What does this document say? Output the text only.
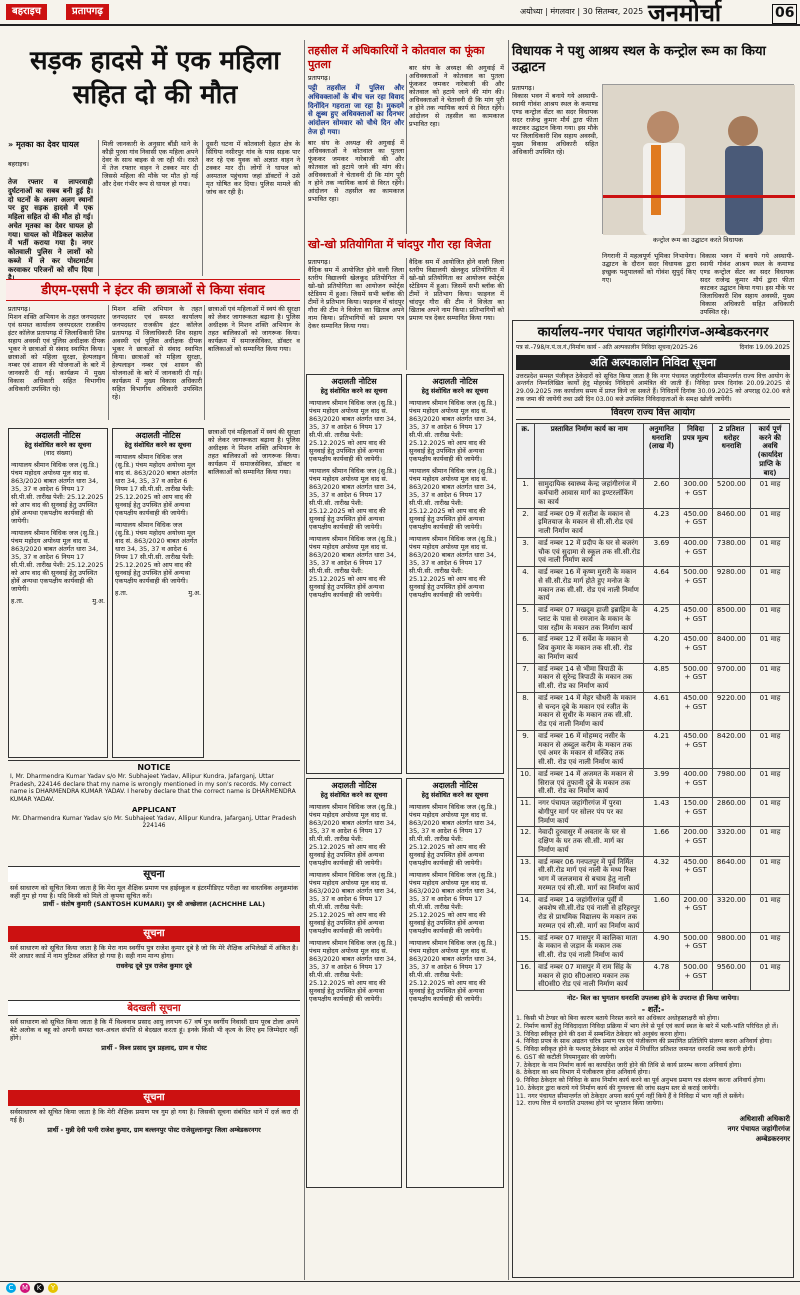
बहराइच	प्रतापगढ़	अयोध्या | मंगलवार | 30 सितम्बर, 2025 जनमोर्चा	06
सड़क हादसे में एक महिला
सहित दो की मौत
» मृतका का देवर घायल
बहराइच।
तेज रफ्तार व लापरवाही दुर्घटनाओं का सबब बनी हुई है। दो घटनों के अलग अलग स्थानों पर हुए सड़क हादसे में एक महिला सहित दो की मौत हो गई। अचेत मृतका का देवर घायल हो गया। घायल को मेडिकल कालेज में भर्ती कराया गया है। नगर कोतवाली पुलिस ने लाशों को कब्जे में ले कर पोस्टमार्टम करवाकर परिजनों को सौंप दिया
मिली जानकारी के अनुसार बौंडी थाने के कौड़ी पुरवा गांव निवासी एक महिला अपने देवर के साथ बाइक से जा रही थी। रास्ते में तेज रफ्तार वाहन ने टक्कर मार दी जिससे महिला की मौके पर मौत हो गई और देवर गंभीर रूप से घायल हो गया।
दूसरी घटना में कोतवाली देहात क्षेत्र के सिंघिया नसीरपुर गांव के पास सड़क पार कर रहे एक युवक को अज्ञात वाहन ने टक्कर मार दी। लोगों ने घायल को अस्पताल पहुंचाया जहां डॉक्टरों ने उसे मृत घोषित कर दिया। पुलिस मामले की जांच कर रही है।
डीएम-एसपी ने इंटर की छात्राओं से किया संवाद
प्रतापगढ़।
मिशन शक्ति अभियान के तहत जनपदस्तर एवं समस्त कार्यालय जनपदस्तर राजकीय इंटर कॉलेज प्रतापगढ़ में जिलाधिकारी शिव सहाय अवस्थी एवं पुलिस अधीक्षक दीपक भूकर ने छात्राओं से संवाद स्थापित किया। छात्राओं को महिला सुरक्षा, हेल्पलाइन नम्बर एवं शासन की योजनाओं के बारे में जानकारी दी गई। कार्यक्रम में मुख्य विकास अधिकारी सहित विभागीय अधिकारी उपस्थित रहे।
मिशन शक्ति अभियान के तहत जनपदस्तर एवं समस्त कार्यालय जनपदस्तर राजकीय इंटर कॉलेज प्रतापगढ़ में जिलाधिकारी शिव सहाय अवस्थी एवं पुलिस अधीक्षक दीपक भूकर ने छात्राओं से संवाद स्थापित किया। छात्राओं को महिला सुरक्षा, हेल्पलाइन नम्बर एवं शासन की योजनाओं के बारे में जानकारी दी गई। कार्यक्रम में मुख्य विकास अधिकारी सहित विभागीय अधिकारी उपस्थित रहे।
छात्राओं एवं महिलाओं में स्वयं की सुरक्षा को लेकर जागरूकता बढ़ाना है। पुलिस अधीक्षक ने मिशन शक्ति अभियान के तहत बालिकाओं को जागरूक किया। कार्यक्रम में समाजसेविका, डॉक्टर व बालिकाओं को सम्मानित किया गया।
अदालती नोटिस
हेतु संशोधित करने का सूचना
(वाद संख्या)
न्यायालय श्रीमान विधिक जज (सु.डि.) पंचम महोदय अयोध्या मूल वाद सं. 863/2020 बाबत अंतर्गत धारा 34, 35, 37 व आदेश 6 नियम 17 सी.पी.सी. तारीख पेशी: 25.12.2025 को आप वाद की सुनवाई हेतु उपस्थित होवें अन्यथा एकपक्षीय कार्यवाही की जायेगी।
न्यायालय श्रीमान विधिक जज (सु.डि.) पंचम महोदय अयोध्या मूल वाद सं. 863/2020 बाबत अंतर्गत धारा 34, 35, 37 व आदेश 6 नियम 17 सी.पी.सी. तारीख पेशी: 25.12.2025 को आप वाद की सुनवाई हेतु उपस्थित होवें अन्यथा एकपक्षीय कार्यवाही की जायेगी।
ह.ता.	मु.अ.
अदालती नोटिस
हेतु संशोधित करने का सूचना
न्यायालय श्रीमान विधिक जज (सु.डि.) पंचम महोदय अयोध्या मूल वाद सं. 863/2020 बाबत अंतर्गत धारा 34, 35, 37 व आदेश 6 नियम 17 सी.पी.सी. तारीख पेशी: 25.12.2025 को आप वाद की सुनवाई हेतु उपस्थित होवें अन्यथा एकपक्षीय कार्यवाही की जायेगी।
न्यायालय श्रीमान विधिक जज (सु.डि.) पंचम महोदय अयोध्या मूल वाद सं. 863/2020 बाबत अंतर्गत धारा 34, 35, 37 व आदेश 6 नियम 17 सी.पी.सी. तारीख पेशी: 25.12.2025 को आप वाद की सुनवाई हेतु उपस्थित होवें अन्यथा एकपक्षीय कार्यवाही की जायेगी।
ह.ता.	मु.अ.
छात्राओं एवं महिलाओं में स्वयं की सुरक्षा को लेकर जागरूकता बढ़ाना है। पुलिस अधीक्षक ने मिशन शक्ति अभियान के तहत बालिकाओं को जागरूक किया। कार्यक्रम में समाजसेविका, डॉक्टर व बालिकाओं को सम्मानित किया गया।
NOTICE
I, Mr. Dharmendra Kumar Yadav s/o Mr. Subhajeet Yadav, Allipur Kundra, Jafarganj, Uttar Pradesh, 224146 declare that my name is wrongly mentioned in my son's records. My correct name is DHARMENDRA KUMAR YADAV. I hereby declare that the correct name is DHARMENDRA KUMAR YADAV.
APPLICANT
Mr. Dharmendra Kumar Yadav s/o Mr. Subhajeet Yadav, Allipur Kundra, Jafarganj, Uttar Pradesh 224146
सूचना
सर्व साधारण को सूचित किया जाता है कि मेरा मूल शैक्षिक प्रमाण पत्र हाईस्कूल व इंटरमीडिएट परीक्षा का वास्तविक अनुक्रमांक कहीं गुम हो गया है। यदि किसी को मिले तो कृपया सूचित करें।
प्रार्थी - संतोष कुमारी (SANTOSH KUMARI) पुत्र श्री अच्छेलाल (ACHCHHE LAL)
सूचना
सर्व साधारण को सूचित किया जाता है कि मेरा नाम स्वर्गीय पुत्र राजेश कुमार दूबे है जो कि मेरे शैक्षिक अभिलेखों में अंकित है। मेरे आधार कार्ड में नाम त्रुटिवश अंकित हो गया है। सही नाम मान्य होगा।
राधवेन्द्र दूबे पुत्र राजेश कुमार दूबे
बेदखली सूचना
सर्व साधारण को सूचित किया जाता है कि मैं विश्वनाथ प्रसाद आयु लगभग 67 वर्ष पुत्र स्वर्गीय निवासी ग्राम पूरब टोला अपने बेटे अलोक व बहू को अपनी समस्त चल-अचल संपत्ति से बेदखल करता हूं। इनके किसी भी कृत्य के लिए हम जिम्मेदार नहीं होंगे।
प्रार्थी - विश्व प्रसाद पुत्र प्रहलाद, ग्राम व पोस्ट
सूचना
सर्वसाधारण को सूचित किया जाता है कि मेरी शैक्षिक प्रमाण पत्र गुम हो गया है। जिसकी सूचना संबंधित थाने में दर्ज करा दी गई है।
प्रार्थी - मुन्नी देवी पत्नी राजेश कुमार, ग्राम बल्लनपुर पोस्ट राजेसुल्तानपुर जिला अम्बेडकरनगर
तहसील में अधिकारियों ने कोतवाल का फूंका पुतला
प्रतापगढ़।
पट्टी तहसील में पुलिस और अधिवक्ताओं के बीच चल रहा विवाद दिनोंदिन गहराता जा रहा है। मुकदमे से क्षुब्ध हुए अधिवक्ताओं का दिनभर आंदोलन सोमवार को चौथे दिन और तेज हो गया।
बार संघ के अध्यक्ष की अगुवाई में अधिवक्ताओं ने कोतवाल का पुतला फूंककर जमकर नारेबाजी की और कोतवाल को हटाये जाने की मांग की। अधिवक्ताओं ने चेतावनी दी कि मांग पूरी न होने तक न्यायिक कार्य से विरत रहेंगे। आंदोलन से तहसील का कामकाज प्रभावित रहा।
बार संघ के अध्यक्ष की अगुवाई में अधिवक्ताओं ने कोतवाल का पुतला फूंककर जमकर नारेबाजी की और कोतवाल को हटाये जाने की मांग की। अधिवक्ताओं ने चेतावनी दी कि मांग पूरी न होने तक न्यायिक कार्य से विरत रहेंगे। आंदोलन से तहसील का कामकाज प्रभावित रहा।
खो-खो प्रतियोगिता में चांदपुर गौरा रहा विजेता
प्रतापगढ़।
वैदिक सम में आयोजित होने वाली जिला स्तरीय विद्यालयी खेलकूद प्रतियोगिता में खो-खो प्रतियोगिता का आयोजन स्पोर्ट्स स्टेडियम में हुआ। जिसमें सभी ब्लॉक की टीमों ने प्रतिभाग किया। फाइनल में चांदपुर गौरा की टीम ने विजेता का खिताब अपने नाम किया। प्रतिभागियों को प्रमाण पत्र देकर सम्मानित किया गया।
वैदिक सम में आयोजित होने वाली जिला स्तरीय विद्यालयी खेलकूद प्रतियोगिता में खो-खो प्रतियोगिता का आयोजन स्पोर्ट्स स्टेडियम में हुआ। जिसमें सभी ब्लॉक की टीमों ने प्रतिभाग किया। फाइनल में चांदपुर गौरा की टीम ने विजेता का खिताब अपने नाम किया। प्रतिभागियों को प्रमाण पत्र देकर सम्मानित किया गया।
अदालती नोटिस
हेतु संशोधित करने का सूचना
न्यायालय श्रीमान विधिक जज (सु.डि.) पंचम महोदय अयोध्या मूल वाद सं. 863/2020 बाबत अंतर्गत धारा 34, 35, 37 व आदेश 6 नियम 17 सी.पी.सी. तारीख पेशी: 25.12.2025 को आप वाद की सुनवाई हेतु उपस्थित होवें अन्यथा एकपक्षीय कार्यवाही की जायेगी।
न्यायालय श्रीमान विधिक जज (सु.डि.) पंचम महोदय अयोध्या मूल वाद सं. 863/2020 बाबत अंतर्गत धारा 34, 35, 37 व आदेश 6 नियम 17 सी.पी.सी. तारीख पेशी: 25.12.2025 को आप वाद की सुनवाई हेतु उपस्थित होवें अन्यथा एकपक्षीय कार्यवाही की जायेगी।
न्यायालय श्रीमान विधिक जज (सु.डि.) पंचम महोदय अयोध्या मूल वाद सं. 863/2020 बाबत अंतर्गत धारा 34, 35, 37 व आदेश 6 नियम 17 सी.पी.सी. तारीख पेशी: 25.12.2025 को आप वाद की सुनवाई हेतु उपस्थित होवें अन्यथा एकपक्षीय कार्यवाही की जायेगी।
अदालती नोटिस
हेतु संशोधित करने का सूचना
न्यायालय श्रीमान विधिक जज (सु.डि.) पंचम महोदय अयोध्या मूल वाद सं. 863/2020 बाबत अंतर्गत धारा 34, 35, 37 व आदेश 6 नियम 17 सी.पी.सी. तारीख पेशी: 25.12.2025 को आप वाद की सुनवाई हेतु उपस्थित होवें अन्यथा एकपक्षीय कार्यवाही की जायेगी।
न्यायालय श्रीमान विधिक जज (सु.डि.) पंचम महोदय अयोध्या मूल वाद सं. 863/2020 बाबत अंतर्गत धारा 34, 35, 37 व आदेश 6 नियम 17 सी.पी.सी. तारीख पेशी: 25.12.2025 को आप वाद की सुनवाई हेतु उपस्थित होवें अन्यथा एकपक्षीय कार्यवाही की जायेगी।
न्यायालय श्रीमान विधिक जज (सु.डि.) पंचम महोदय अयोध्या मूल वाद सं. 863/2020 बाबत अंतर्गत धारा 34, 35, 37 व आदेश 6 नियम 17 सी.पी.सी. तारीख पेशी: 25.12.2025 को आप वाद की सुनवाई हेतु उपस्थित होवें अन्यथा एकपक्षीय कार्यवाही की जायेगी।
अदालती नोटिस
हेतु संशोधित करने का सूचना
न्यायालय श्रीमान विधिक जज (सु.डि.) पंचम महोदय अयोध्या मूल वाद सं. 863/2020 बाबत अंतर्गत धारा 34, 35, 37 व आदेश 6 नियम 17 सी.पी.सी. तारीख पेशी: 25.12.2025 को आप वाद की सुनवाई हेतु उपस्थित होवें अन्यथा एकपक्षीय कार्यवाही की जायेगी।
न्यायालय श्रीमान विधिक जज (सु.डि.) पंचम महोदय अयोध्या मूल वाद सं. 863/2020 बाबत अंतर्गत धारा 34, 35, 37 व आदेश 6 नियम 17 सी.पी.सी. तारीख पेशी: 25.12.2025 को आप वाद की सुनवाई हेतु उपस्थित होवें अन्यथा एकपक्षीय कार्यवाही की जायेगी।
न्यायालय श्रीमान विधिक जज (सु.डि.) पंचम महोदय अयोध्या मूल वाद सं. 863/2020 बाबत अंतर्गत धारा 34, 35, 37 व आदेश 6 नियम 17 सी.पी.सी. तारीख पेशी: 25.12.2025 को आप वाद की सुनवाई हेतु उपस्थित होवें अन्यथा एकपक्षीय कार्यवाही की जायेगी।
अदालती नोटिस
हेतु संशोधित करने का सूचना
न्यायालय श्रीमान विधिक जज (सु.डि.) पंचम महोदय अयोध्या मूल वाद सं. 863/2020 बाबत अंतर्गत धारा 34, 35, 37 व आदेश 6 नियम 17 सी.पी.सी. तारीख पेशी: 25.12.2025 को आप वाद की सुनवाई हेतु उपस्थित होवें अन्यथा एकपक्षीय कार्यवाही की जायेगी।
न्यायालय श्रीमान विधिक जज (सु.डि.) पंचम महोदय अयोध्या मूल वाद सं. 863/2020 बाबत अंतर्गत धारा 34, 35, 37 व आदेश 6 नियम 17 सी.पी.सी. तारीख पेशी: 25.12.2025 को आप वाद की सुनवाई हेतु उपस्थित होवें अन्यथा एकपक्षीय कार्यवाही की जायेगी।
न्यायालय श्रीमान विधिक जज (सु.डि.) पंचम महोदय अयोध्या मूल वाद सं. 863/2020 बाबत अंतर्गत धारा 34, 35, 37 व आदेश 6 नियम 17 सी.पी.सी. तारीख पेशी: 25.12.2025 को आप वाद की सुनवाई हेतु उपस्थित होवें अन्यथा एकपक्षीय कार्यवाही की जायेगी।
विधायक ने पशु आश्रय स्थल के कन्ट्रोल रूम का किया उद्घाटन
प्रतापगढ़।
विकास भवन में बनाये गये अस्थायी-स्थायी गोवंश आश्रय स्थल के कमाण्ड एण्ड कन्ट्रोल सेंटर का सदर विधायक सदर राजेन्द्र कुमार मौर्य द्वारा फीता काटकर उद्घाटन किया गया। इस मौके पर जिलाधिकारी शिव सहाय अवस्थी, मुख्य विकास अधिकारी सहित अधिकारी उपस्थित रहे।
कन्ट्रोल रूम का उद्घाटन करते विधायक
निगरानी में महत्वपूर्ण भूमिका निभायेगा। उद्घाटन के दौरान सदर विधायक द्वारा इच्छुक पशुपालकों को गोवंश सुपुर्द किए गए।
विकास भवन में बनाये गये अस्थायी-स्थायी गोवंश आश्रय स्थल के कमाण्ड एण्ड कन्ट्रोल सेंटर का सदर विधायक सदर राजेन्द्र कुमार मौर्य द्वारा फीता काटकर उद्घाटन किया गया। इस मौके पर जिलाधिकारी शिव सहाय अवस्थी, मुख्य विकास अधिकारी सहित अधिकारी उपस्थित रहे।
कार्यालय-नगर पंचायत जहांगीरगंज-अम्बेडकरनगर
पत्र सं.-798/न.पं.ज.गं./निर्माण कार्य - अति अल्पकालीन निविदा सूचना/2025-26	दिनांक 19.09.2025
अति अल्पकालीन निविदा सूचना
उत्तरप्रदेश समस्त पंजीकृत ठेकेदारों को सूचित किया जाता है कि नगर पंचायत जहांगीरगंज सीमान्तर्गत राज्य वित्त आयोग के अन्तर्गत निम्नलिखित कार्यों हेतु मोहरबंद निविदायें आमंत्रित की जाती हैं। निविदा प्रपत्र दिनांक 20.09.2025 से 29.09.2025 तक कार्यालय समय में प्राप्त किये जा सकते हैं। निविदायें दिनांक 30.09.2025 को अपराह्न 02.00 बजे तक जमा की जायेंगी तथा उसी दिन 03.00 बजे उपस्थित निविदादाताओं के समक्ष खोली जायेंगी।
विवरण राज्य वित्त आयोग
क्र.	प्रस्तावित निर्माण कार्य का नाम	अनुमानित धनराशि (लाख में)	निविदा प्रपत्र मूल्य	2 प्रतिशत धरोहर धनराशि	कार्य पूर्ण करने की अवधि (कार्यादेश प्राप्ति के बाद)
1.	सामुदायिक स्वास्थ्य केन्द्र जहांगीरगंज में कर्मचारी आवास मार्ग का इण्टरलॉकिंग का कार्य	2.60	300.00 + GST	5200.00	01 माह
2.	वार्ड नम्बर 09 में सतीश के मकान से इमितयाज के मकान से सी.सी.रोड एवं नाली निर्माण कार्य	4.23	450.00 + GST	8460.00	01 माह
3.	वार्ड नम्बर 12 में प्रदीप के घर से बजरंग चौक एवं सुदामा से स्कूल तक सी.सी.रोड एवं नाली निर्माण कार्य	3.69	400.00 + GST	7380.00	01 माह
4.	वार्ड नम्बर 16 में कृष्ण मुरारी के मकान से सी.सी.रोड मार्ग होते हुए मनोज के मकान तक सी.सी. रोड एवं नाली निर्माण कार्य	4.64	500.00 + GST	9280.00	01 माह
5.	वार्ड नम्बर 07 मखदूम हाजी इब्राहिम के प्लाट के पास से रमजान के मकान के पास रहीम के मकान तक निर्माण कार्य	4.25	450.00 + GST	8500.00	01 माह
6.	वार्ड नम्बर 12 में सर्वेश के मकान से शिव कुमार के मकान तक सी.सी. रोड का निर्माण कार्य	4.20	450.00 + GST	8400.00	01 माह
7.	वार्ड नम्बर 14 से भीमा त्रिपाठी के मकान से सुरेन्द्र त्रिपाठी के मकान तक सी.सी. रोड का निर्माण कार्य	4.85	500.00 + GST	9700.00	01 माह
8.	वार्ड नम्बर 14 में मेहर चौधरी के मकान से चन्दन दूबे के मकान एवं रजीत के मकान से सुधीर के मकान तक सी.सी. रोड एवं नाली निर्माण कार्य	4.61	450.00 + GST	9220.00	01 माह
9.	वार्ड नम्बर 16 में मोहम्मद नसीर के मकान से अब्दुल करीम के मकान तक एवं अमर के मकान से मस्जिद तक सी.सी. रोड एवं नाली निर्माण कार्य	4.21	450.00 + GST	8420.00	01 माह
10.	वार्ड नम्बर 14 में अजमत के मकान से सिराज एवं तुफानी दूबे के मकान तक सी.सी. रोड का निर्माण कार्य	3.99	400.00 + GST	7980.00	01 माह
11.	नगर पंचायत जहांगीरगंज में पुरवा बोगीपुर मार्ग पर सोलर पंप पर का निर्माण कार्य	1.43	150.00 + GST	2860.00	01 माह
12.	नेवादी दुरवासुर में अवतार के घर से दक्षिण के घर तक सी.सी. मार्ग का निर्माण कार्य	1.66	200.00 + GST	3320.00	01 माह
13.	वार्ड नम्बर 06 गनपतपुर में पूर्व निर्मित सी.सी.रोड मार्ग एवं नाली के मध्य रिक्त भाग में जलजमाव से बचाव हेतु नाली मरम्मत एवं सी.सी. मार्ग का निर्माण कार्य	4.32	450.00 + GST	8640.00	01 माह
14.	वार्ड नम्बर 14 जहांगीरगंज पूर्वी में अवशेष सी.सी.रोड एवं नाली से हरिहरपुर रोड से प्राथमिक विद्यालय के मकान तक मरम्मत एवं सी.सी. मार्ग का निर्माण कार्य	1.60	200.00 + GST	3320.00	01 माह
15.	वार्ड नम्बर 07 मासपुर में कालिका माता के मकान से जड़ान के मकान तक सी.सी. रोड एवं नाली निर्माण कार्य	4.90	500.00 + GST	9800.00	01 माह
16.	वार्ड नम्बर 07 मासपुर में राम सिंह के मकान से हा0 सी0आर0 मकान तक सी0सी0 रोड एवं नाली निर्माण कार्य	4.78	500.00 + GST	9560.00	01 माह
नोट- बिल का भुगतान धनराशि उपलब्ध होने के उपरान्त ही किया जायेगा।
- शर्तें:-
1. किसी भी टेण्डर को बिना कारण बताये निरस्त करने का अधिकार अधोहस्ताक्षरी को होगा।
2. निर्माण कार्यों हेतु निविदादाता निविदा प्रक्रिया में भाग लेने से पूर्व एवं कार्य स्थल के बारे में भली-भांति परिचित हो लें।
3. निविदा स्वीकृत होने की दशा में सम्बन्धित ठेकेदार को अनुबंध करना होगा।
4. निविदा प्रपत्र के साथ अद्यतन चरित्र प्रमाण पत्र एवं पंजीकरण की प्रमाणित प्रतिलिपि संलग्न करना अनिवार्य होगा।
5. निविदा स्वीकृत होने के पश्चात् ठेकेदार को आदेश में निर्धारित प्रतिशत जमानत धनराशि जमा करनी होगी।
6. GST की कटौती नियमानुसार की जायेगी।
7. ठेकेदार के नाम निर्माण कार्य का कार्यादेश जारी होने की तिथि से कार्य प्रारम्भ करना अनिवार्य होगा।
8. ठेकेदार का श्रम विभाग में पंजीकरण होना अनिवार्य होगा।
9. निविदा ठेकेदार को निविदा के साथ निर्माण कार्य करने का पूर्व अनुभव प्रमाण पत्र संलग्न करना अनिवार्य होगा।
10. ठेकेदार द्वारा कराये गये निर्माण कार्य की गुणवत्ता की जांच सक्षम स्तर से कराई जायेगी।
11. नगर पंचायत सीमान्तर्गत जो ठेकेदार अपना कार्य पूर्ण नहीं किये हैं वे निविदा में भाग नहीं ले सकेंगे।
12. राज्य वित्त में धनराशि उपलब्ध होने पर भुगतान किया जायेगा।
अधिशासी अधिकारी
नगर पंचायत जहांगीरगंज
अम्बेडकरनगर
C	M	K	Y
